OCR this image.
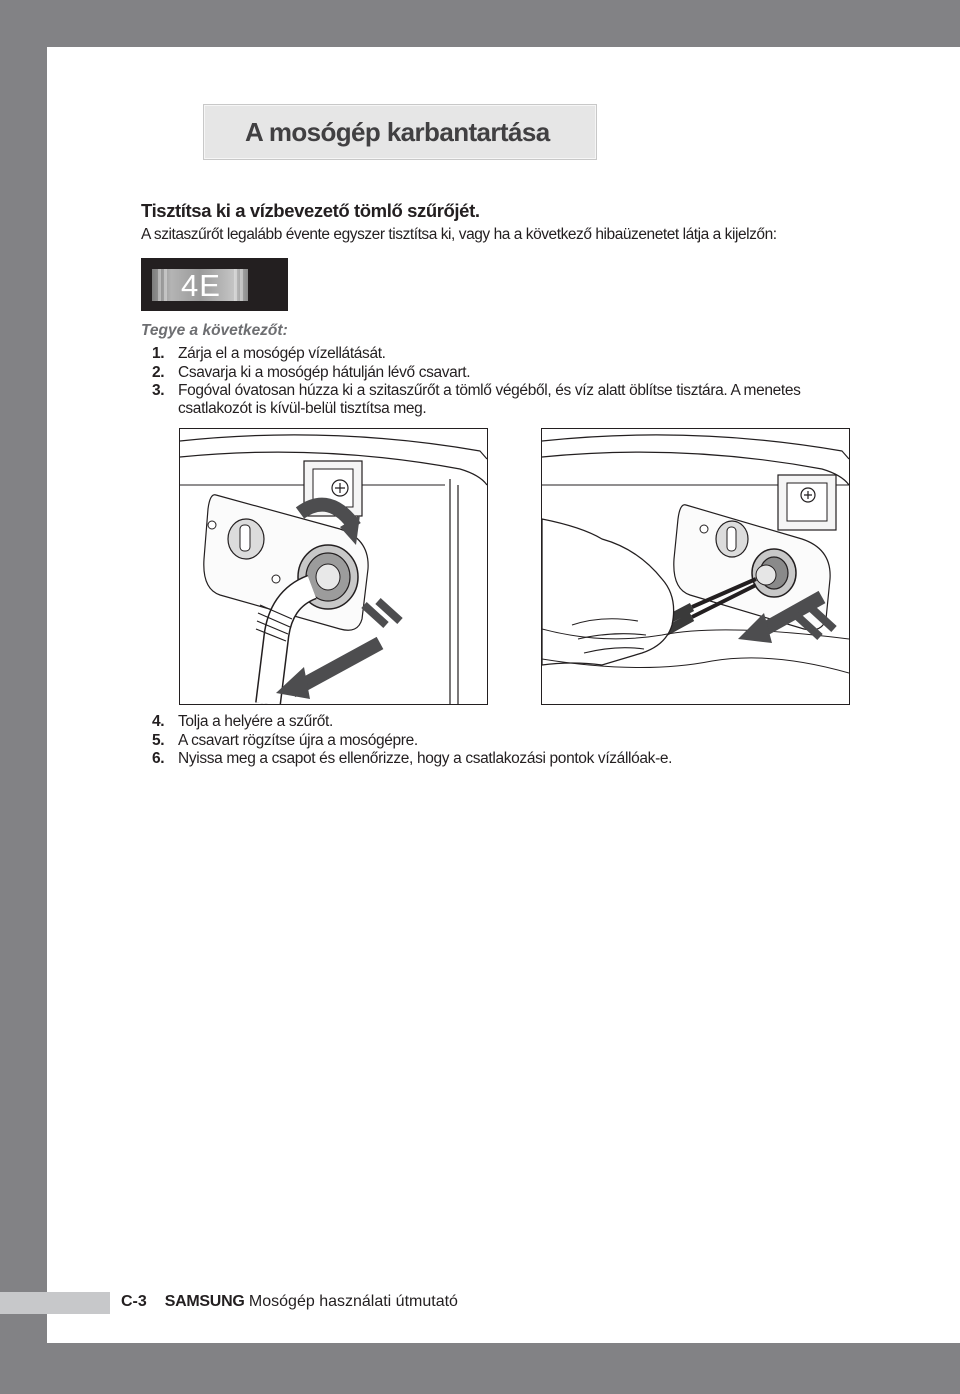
A mosógép karbantartása
Tisztítsa ki a vízbevezető tömlő szűrőjét.
A szitaszűrőt legalább évente egyszer tisztítsa ki, vagy ha a következő hibaüzenetet látja a kijelzőn:
4E
Tegye a következőt:
1. Zárja el a mosógép vízellátását.
2. Csavarja ki a mosógép hátulján lévő csavart.
3. Fogóval óvatosan húzza ki a szitaszűrőt a tömlő végéből, és víz alatt öblítse tisztára. A menetes
csatlakozót is kívül-belül tisztítsa meg.
4. Tolja a helyére a szűrőt.
5. A csavart rögzítse újra a mosógépre.
6. Nyissa meg a csapot és ellenőrizze, hogy a csatlakozási pontok vízállóak-e.
C-3 SAMSUNG Mosógép használati útmutató
